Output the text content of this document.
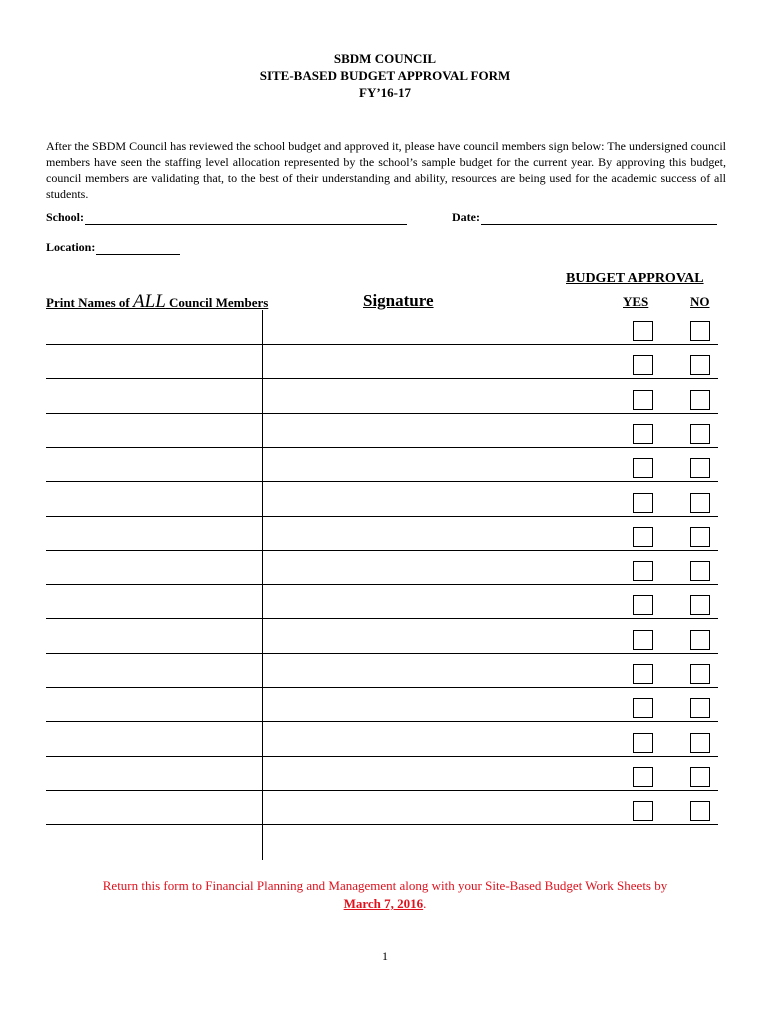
SBDM COUNCIL
SITE-BASED BUDGET APPROVAL FORM
FY’16-17
After the SBDM Council has reviewed the school budget and approved it, please have council members sign below: The undersigned council members have seen the staffing level allocation represented by the school’s sample budget for the current year. By approving this budget, council members are validating that, to the best of their understanding and ability, resources are being used for the academic success of all students.
School:	Date:
Location:
BUDGET APPROVAL
Print Names of ALL Council Members	Signature	YES	NO
Return this form to Financial Planning and Management along with your Site-Based Budget Work Sheets by
March 7, 2016.
1
